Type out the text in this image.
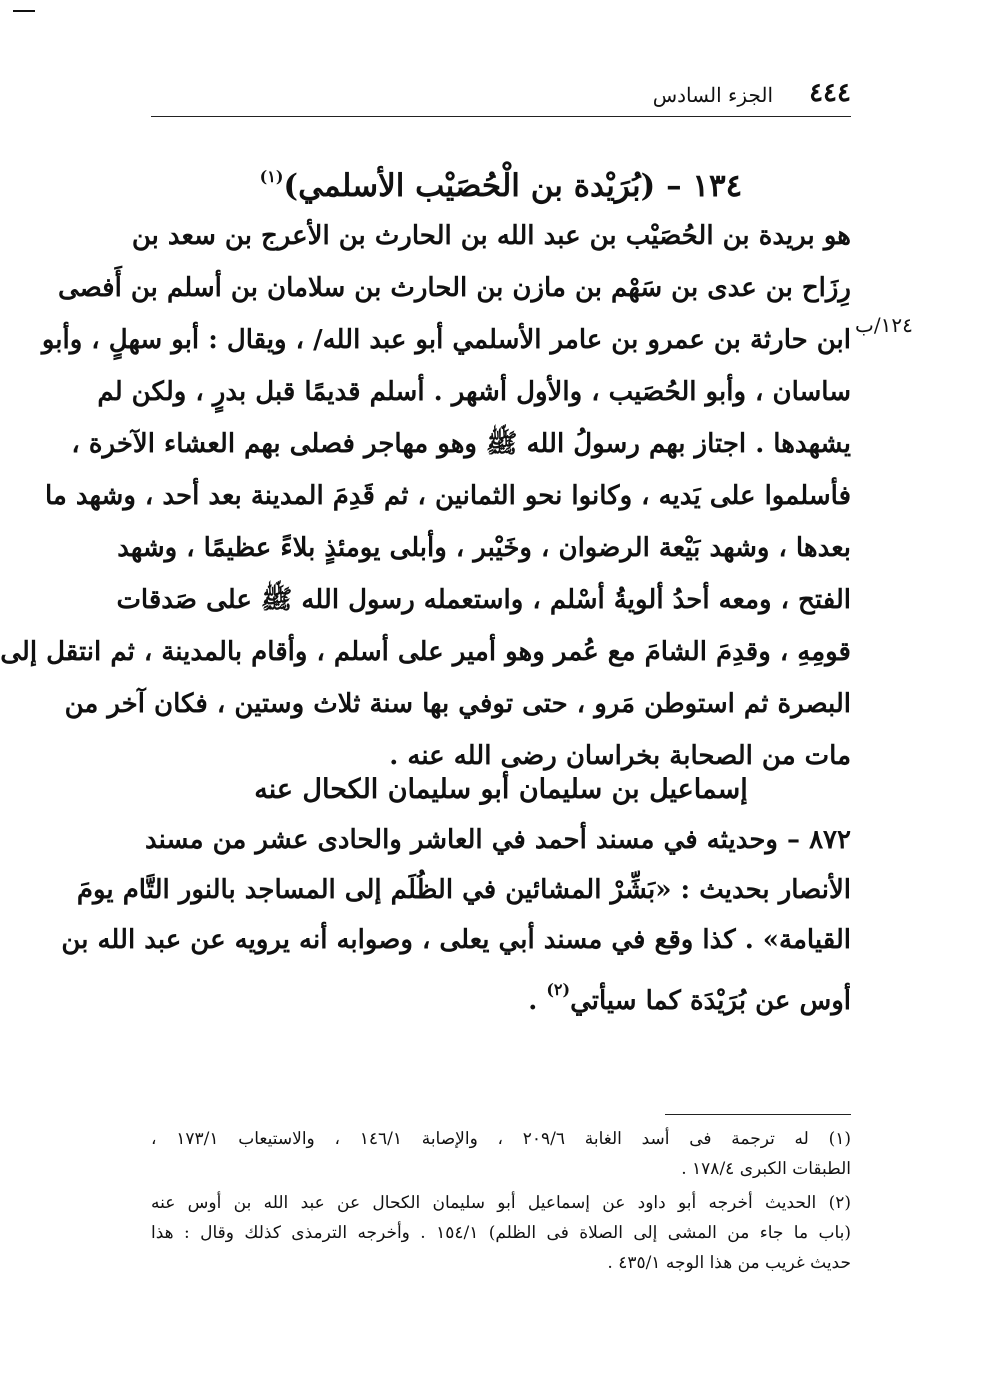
٤٤٤
الجزء السادس
١٣٤ – (بُرَيْدة بن الْحُصَيْب الأسلمي)$^{(١)}$
١٢٤/ب
هو بريدة بن الحُصَيْب بن عبد الله بن الحارث بن الأعرج بن سعد بن
رِزَاح بن عدى بن سَهْم بن مازن بن الحارث بن سلامان بن أسلم بن أَفصى
ابن حارثة بن عمرو بن عامر الأسلمي أبو عبد الله/ ، ويقال : أبو سهلٍ ، وأبو
ساسان ، وأبو الحُصَيب ، والأول أشهر . أسلم قديمًا قبل بدرٍ ، ولكن لم
يشهدها . اجتاز بهم رسولُ الله ﷺ وهو مهاجر فصلى بهم العشاء الآخرة ،
فأسلموا على يَديه ، وكانوا نحو الثمانين ، ثم قَدِمَ المدينة بعد أحد ، وشهد ما
بعدها ، وشهد بَيْعة الرضوان ، وخَيْبر ، وأبلى يومئذٍ بلاءً عظيمًا ، وشهد
الفتح ، ومعه أحدُ ألويةُ أسْلم ، واستعمله رسول الله ﷺ على صَدقات
قومِهِ ، وقدِمَ الشامَ مع عُمر وهو أمير على أسلم ، وأقام بالمدينة ، ثم انتقل إلى
البصرة ثم استوطن مَرو ، حتى توفي بها سنة ثلاث وستين ، فكان آخر من
مات من الصحابة بخراسان رضى الله عنه .
إسماعيل بن سليمان أبو سليمان الكحال عنه
٨٧٢ – وحديثه في مسند أحمد في العاشر والحادى عشر من مسند
الأنصار بحديث : «بَشِّرْ المشائين في الظُلَم إلى المساجد بالنور التَّام يومَ
القيامة» . كذا وقع في مسند أبي يعلى ، وصوابه أنه يرويه عن عبد الله بن
أوس عن بُرَيْدَة كما سيأتي$^{(٢)}$ .
(١) له ترجمة فى أسد الغابة ٢٠٩/٦ ، والإصابة ١٤٦/١ ، والاستيعاب ١٧٣/١ ،
الطبقات الكبرى ١٧٨/٤ .
(٢) الحديث أخرجه أبو داود عن إسماعيل أبو سليمان الكحال عن عبد الله بن أوس عنه
(باب ما جاء من المشى إلى الصلاة فى الظلم) ١٥٤/١ . وأخرجه الترمذى كذلك وقال : هذا
حديث غريب من هذا الوجه ٤٣٥/١ .
